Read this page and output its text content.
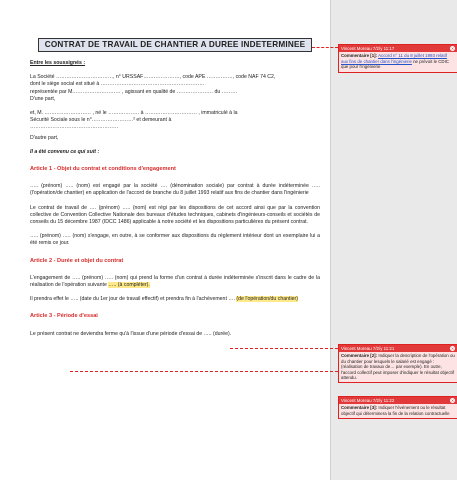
CONTRAT DE TRAVAIL DE CHANTIER A DUREE INDETERMINEE

Entre les soussignés :

La Société ……………………………, n° URSSAF…………………, code APE ……………, code NAF 74 C2,

dont le siège social est situé à ……………………………………………………

représentée par M.……………………… , agissant en qualité de ………………… du ………

D'une part,

et, M. ……………………… , né le ……………… à ………………………… , immatriculé à la

Sécurité Sociale sous le n°……………………² et demeurant à

……………………………………………

D'autre part,

Il a été convenu ce qui suit :

Article 1 - Objet du contrat et conditions d'engagement

….. (prénom) ….. (nom) est engagé par la société …. (dénomination sociale) par contrat à durée indéterminée ….. (l'opération/de chantier) en application de l'accord de branche du 8 juillet 1993 relatif aux fins de chantier dans l'ingénierie

Le contrat de travail de …. (prénom) ….. (nom) est régi par les dispositions de cet accord ainsi que par la convention collective de Convention Collective Nationale des bureaux d'études techniques, cabinets d'ingénieurs-conseils et sociétés de conseils du 15 décembre 1987 (IDCC 1486) applicable à notre société et les dispositions particulières du présent contrat.

….. (prénom) ….. (nom) s'engage, en outre, à se conformer aux dispositions du règlement intérieur dont un exemplaire lui a été remis ce jour.

Article 2 - Durée et objet du contrat

L'engagement de ….. (prénom) ….. (nom) qui prend la forme d'un contrat à durée indéterminée s'inscrit dans le cadre de la réalisation de l'opération suivante ….. (à compléter).

Il prendra effet le ….. (date du 1er jour de travail effectif) et prendra fin à l'achèvement …. (de l'opération/du chantier)

Article 3 - Période d'essai

Le présent contrat ne deviendra ferme qu'à l'issue d'une période d'essai de ….. (durée).

Vincent Moreau 7/2/y 11:17	✕
Commentaire [1]: Accord n° 11 du 8 juillet 1993 relatif aux fins de chantier dans l'ingénierie ne prévoit le CDIC que pour l'ingénierie
Vincent Moreau 7/2/y 11:21	✕
Commentaire [2]: Indiquer la description de l'opération ou du chantier pour lesquels le salarié est engagé : (réalisation de travaux de… par exemple). En outre, l'accord collectif peut imposer d'indiquer le résultat objectif attendu.
Vincent Moreau 7/2/y 11:22	✕
Commentaire [3]: Indiquer l'événement ou le résultat objectif qui déterminera la fin de la relation contractuelle
